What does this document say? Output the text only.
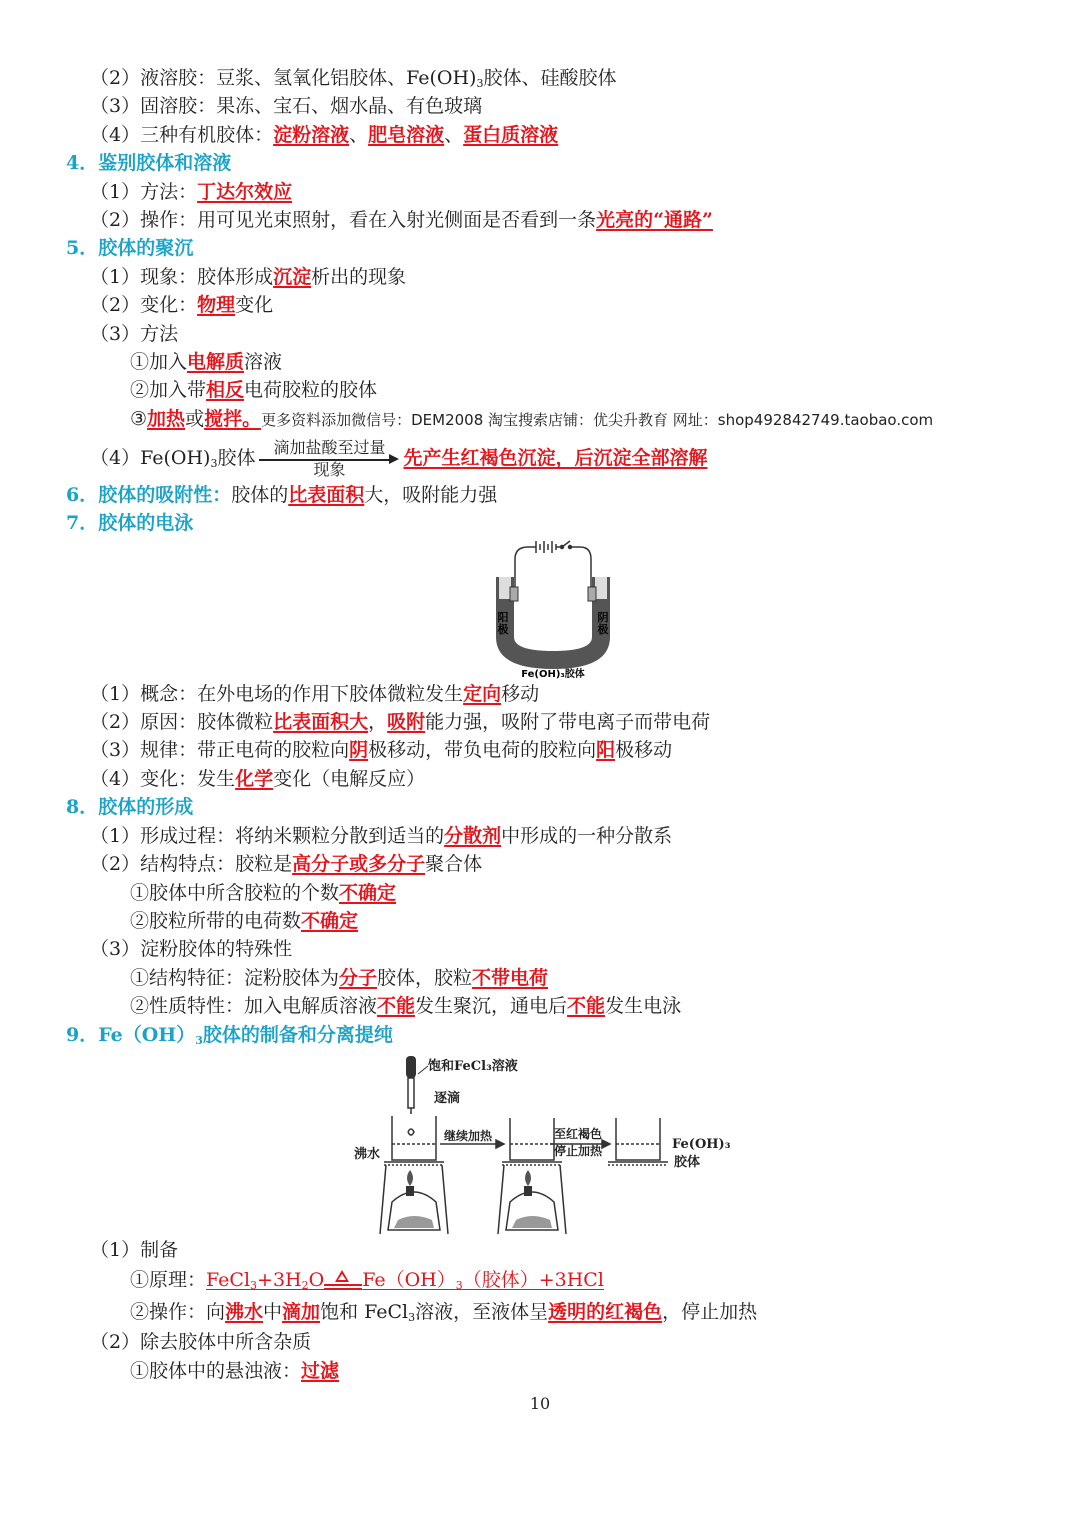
（2）液溶胶：豆浆、氢氧化铝胶体、$Fe(OH)_3$胶体、硅酸胶体
（3）固溶胶：果冻、宝石、烟水晶、有色玻璃
（4）三种有机胶体：淀粉溶液、肥皂溶液、蛋白质溶液
4．鉴别胶体和溶液
（1）方法：丁达尔效应
（2）操作：用可见光束照射，看在入射光侧面是否看到一条光亮的“通路”
5．胶体的聚沉
（1）现象：胶体形成沉淀析出的现象
（2）变化：物理变化
（3）方法
①加入电解质溶液
②加入带相反电荷胶粒的胶体
③加热或搅拌。更多资料添加微信号：DEM2008 淘宝搜索店铺：优尖升教育 网址：shop492842749.taobao.com
$(4)Fe(OH)_3$胶体	滴加盐酸至过量
现象
先产生红褐色沉淀，后沉淀全部溶解
6．胶体的吸附性：胶体的比表面积大，吸附能力强
7．胶体的电泳
阳极
阴极
Fe(OH)₃胶体
（1）概念：在外电场的作用下胶体微粒发生定向移动
（2）原因：胶体微粒比表面积大，吸附能力强，吸附了带电离子而带电荷
（3）规律：带正电荷的胶粒向阴极移动，带负电荷的胶粒向阳极移动
（4）变化：发生化学变化（电解反应）
8．胶体的形成
（1）形成过程：将纳米颗粒分散到适当的分散剂中形成的一种分散系
（2）结构特点：胶粒是高分子或多分子聚合体
①胶体中所含胶粒的个数不确定
②胶粒所带的电荷数不确定
（3）淀粉胶体的特殊性
①结构特征：淀粉胶体为分子胶体，胶粒不带电荷
②性质特性：加入电解质溶液不能发生聚沉，通电后不能发生电泳
9．$Fe(OH)_3$胶体的制备和分离提纯
饱和FeCl₃溶液
逐滴
沸水
继续加热	至红褐色
停止加热	Fe(OH)₃
胶体
（1）制备
①原理：$FeCl_3+3H_2O$ $Fe(OH)_3$（胶体）+3HCl
②操作：向沸水中滴加饱和 FeCl$_3$溶液，至液体呈透明的红褐色，停止加热
（2）除去胶体中所含杂质
①胶体中的悬浊液：过滤
10
